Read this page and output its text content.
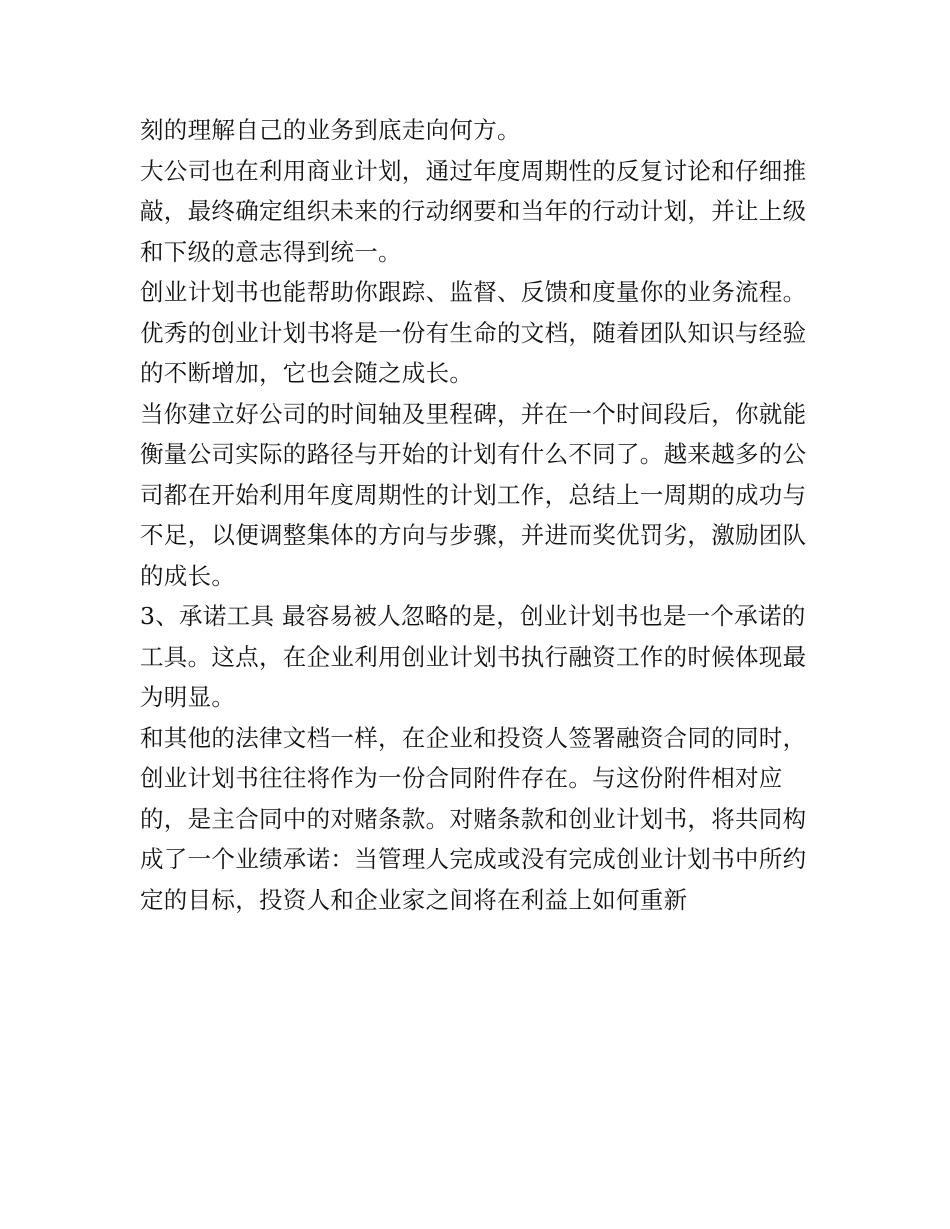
刻的理解自己的业务到底走向何方。

大公司也在利用商业计划，通过年度周期性的反复讨论和仔细推敲，最终确定组织未来的行动纲要和当年的行动计划，并让上级和下级的意志得到统一。

创业计划书也能帮助你跟踪、监督、反馈和度量你的业务流程。 优秀的创业计划书将是一份有生命的文档，随着团队知识与经验的不断增加，它也会随之成长。

当你建立好公司的时间轴及里程碑，并在一个时间段后，你就能衡量公司实际的路径与开始的计划有什么不同了。越来越多的公司都在开始利用年度周期性的计划工作，总结上一周期的成功与不足，以便调整集体的方向与步骤，并进而奖优罚劣，激励团队的成长。

3、承诺工具 最容易被人忽略的是，创业计划书也是一个承诺的工具。这点，在企业利用创业计划书执行融资工作的时候体现最为明显。

和其他的法律文档一样，在企业和投资人签署融资合同的同时，创业计划书往往将作为一份合同附件存在。与这份附件相对应的，是主合同中的对赌条款。对赌条款和创业计划书，将共同构成了一个业绩承诺：当管理人完成或没有完成创业计划书中所约定的目标，投资人和企业家之间将在利益上如何重新
